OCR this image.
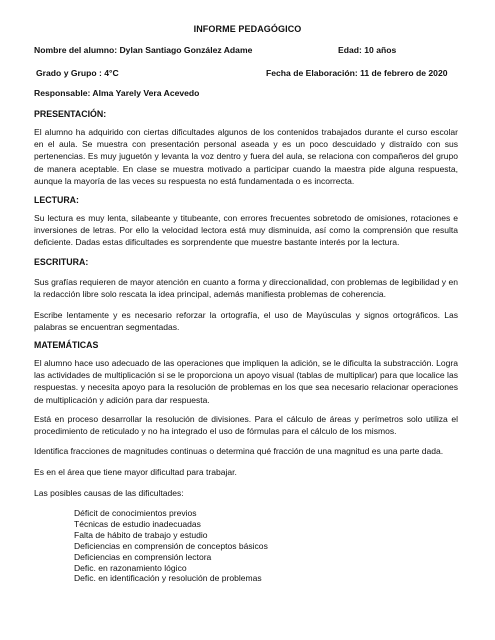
INFORME PEDAGÓGICO
Nombre del alumno: Dylan Santiago González Adame	Edad: 10 años
Grado y Grupo : 4°C	Fecha de Elaboración: 11 de febrero de 2020
Responsable: Alma Yarely Vera Acevedo
PRESENTACIÓN:
El alumno ha adquirido con ciertas dificultades algunos de los contenidos trabajados durante el curso escolar en el aula. Se muestra con presentación personal aseada y es un poco descuidado y distraído con sus pertenencias. Es muy juguetón y levanta la voz dentro y fuera del aula, se relaciona con compañeros del grupo de manera aceptable. En clase se muestra motivado a participar cuando la maestra pide alguna respuesta, aunque la mayoría de las veces su respuesta no está fundamentada o es incorrecta.
LECTURA:
Su lectura es muy lenta, silabeante y titubeante, con errores frecuentes sobretodo de omisiones, rotaciones e inversiones de letras. Por ello la velocidad lectora está muy disminuida, así como la comprensión que resulta deficiente. Dadas estas dificultades es sorprendente que muestre bastante interés por la lectura.
ESCRITURA:
Sus grafías requieren de mayor atención en cuanto a forma y direccionalidad, con problemas de legibilidad y en la redacción libre solo rescata la idea principal, además manifiesta problemas de coherencia.
Escribe lentamente y es necesario reforzar la ortografía, el uso de Mayúsculas y signos ortográficos. Las palabras se encuentran segmentadas.
MATEMÁTICAS
El alumno hace uso adecuado de las operaciones que impliquen la adición, se le dificulta la substracción. Logra las actividades de multiplicación si se le proporciona un apoyo visual (tablas de multiplicar) para que localice las respuestas. y necesita apoyo para la resolución de problemas en los que sea necesario relacionar operaciones de multiplicación y adición para dar respuesta.
Está en proceso desarrollar la resolución de divisiones. Para el cálculo de áreas y perímetros solo utiliza el procedimiento de reticulado y no ha integrado el uso de fórmulas para el cálculo de los mismos.
Identifica fracciones de magnitudes continuas o determina qué fracción de una magnitud es una parte dada.
Es en el área que tiene mayor dificultad para trabajar.
Las posibles causas de las dificultades:
Déficit de conocimientos previos
Técnicas de estudio inadecuadas
Falta de hábito de trabajo y estudio
Deficiencias en comprensión de conceptos básicos
Deficiencias en comprensión lectora
Defic. en razonamiento lógico
Defic. en identificación y resolución de problemas
